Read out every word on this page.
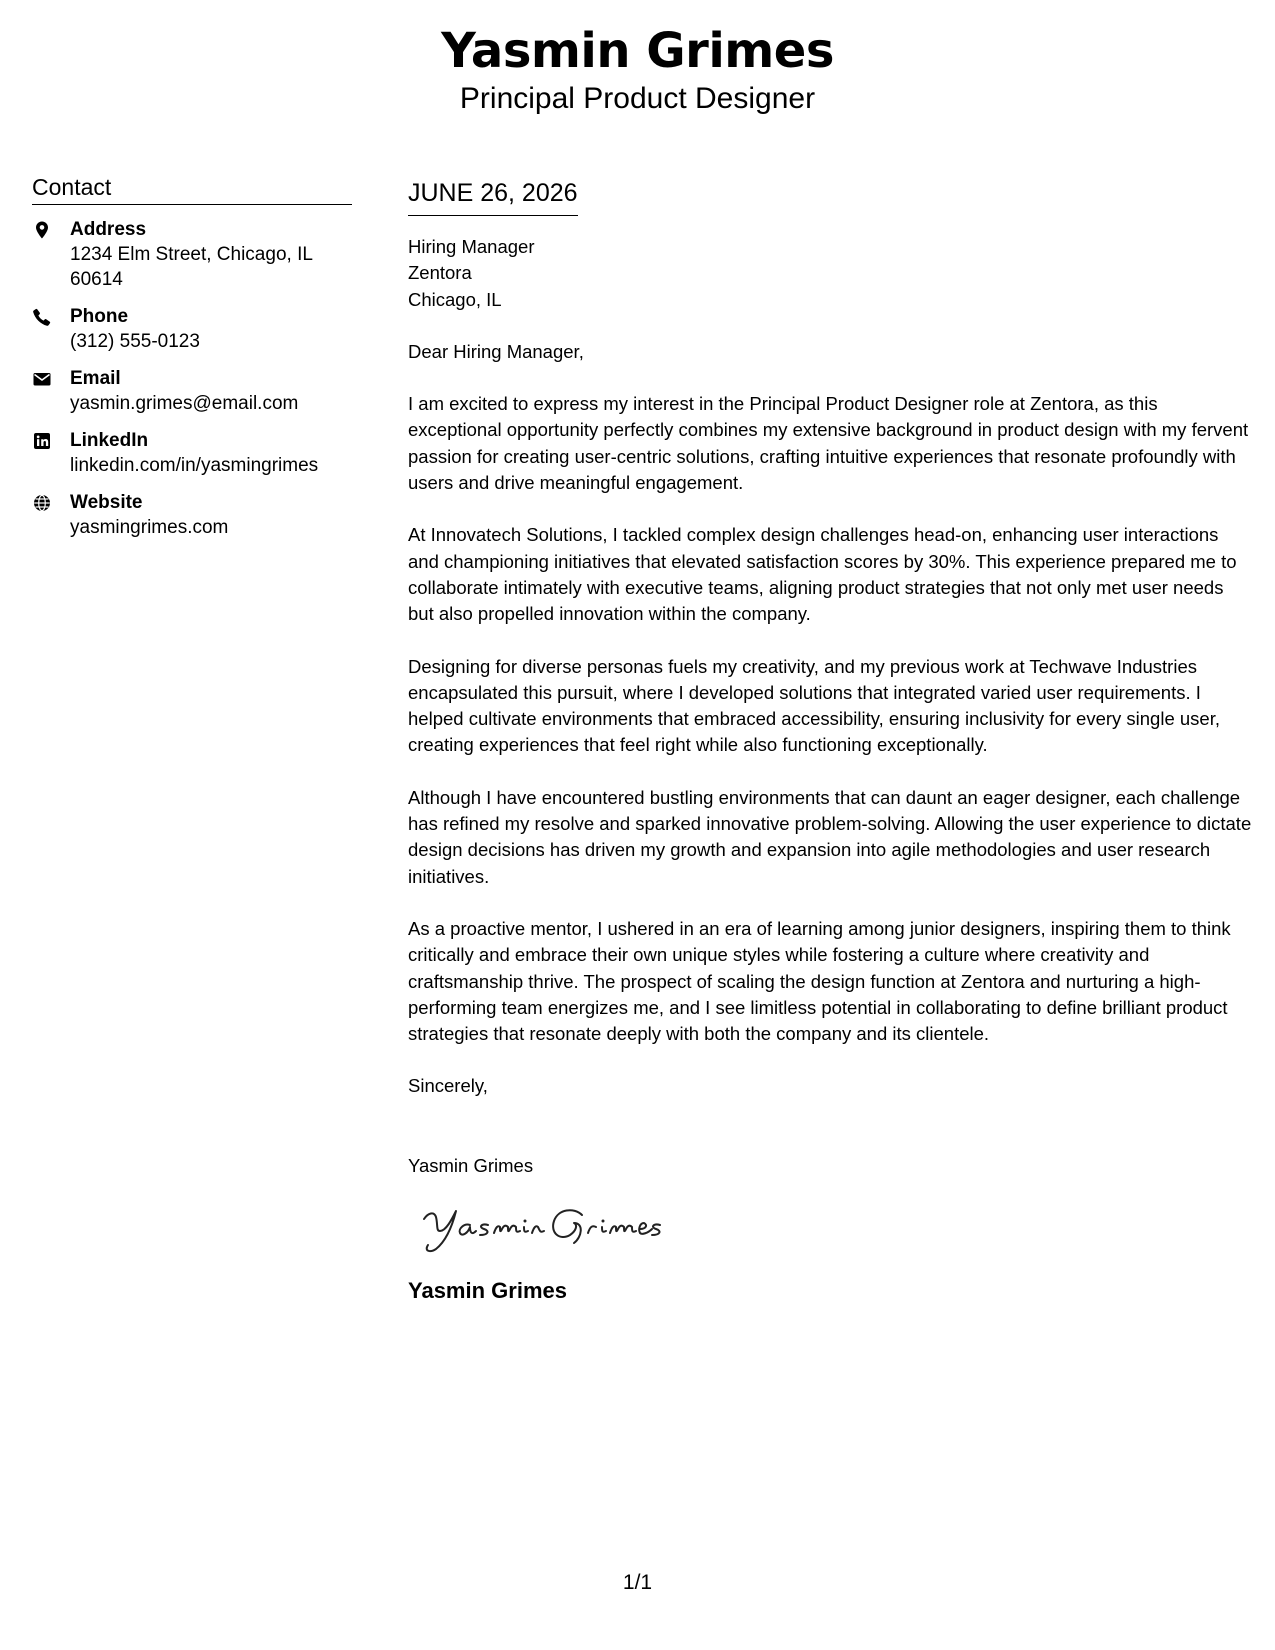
Yasmin Grimes
Principal Product Designer
Contact
Address
1234 Elm Street, Chicago, IL 60614
Phone
(312) 555-0123
Email
yasmin.grimes@email.com
LinkedIn
linkedin.com/in/yasmingrimes
Website
yasmingrimes.com
JUNE 26, 2026
Hiring Manager
Zentora
Chicago, IL
Dear Hiring Manager,

I am excited to express my interest in the Principal Product Designer role at Zentora, as this exceptional opportunity perfectly combines my extensive background in product design with my fervent passion for creating user-centric solutions, crafting intuitive experiences that resonate profoundly with users and drive meaningful engagement.

At Innovatech Solutions, I tackled complex design challenges head-on, enhancing user interactions and championing initiatives that elevated satisfaction scores by 30%. This experience prepared me to collaborate intimately with executive teams, aligning product strategies that not only met user needs but also propelled innovation within the company.

Designing for diverse personas fuels my creativity, and my previous work at Techwave Industries encapsulated this pursuit, where I developed solutions that integrated varied user requirements. I helped cultivate environments that embraced accessibility, ensuring inclusivity for every single user, creating experiences that feel right while also functioning exceptionally.

Although I have encountered bustling environments that can daunt an eager designer, each challenge has refined my resolve and sparked innovative problem-solving. Allowing the user experience to dictate design decisions has driven my growth and expansion into agile methodologies and user research initiatives.

As a proactive mentor, I ushered in an era of learning among junior designers, inspiring them to think critically and embrace their own unique styles while fostering a culture where creativity and craftsmanship thrive. The prospect of scaling the design function at Zentora and nurturing a high-performing team energizes me, and I see limitless potential in collaborating to define brilliant product strategies that resonate deeply with both the company and its clientele.

Sincerely,
Yasmin Grimes
Yasmin Grimes
1/1
